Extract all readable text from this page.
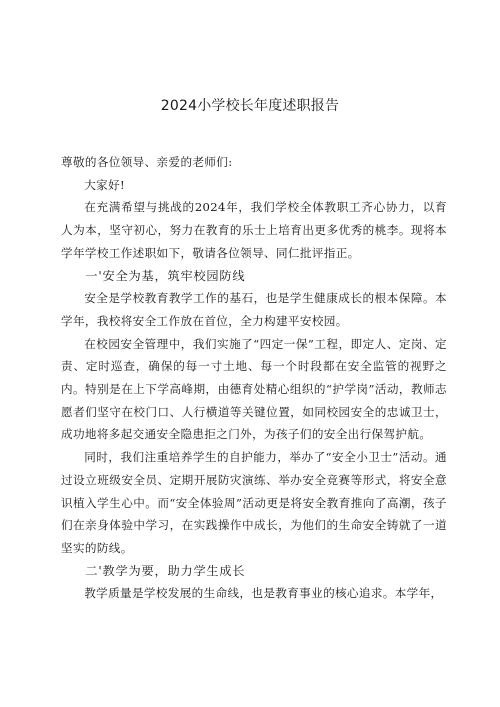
2024小学校长年度述职报告

尊敬的各位领导、亲爱的老师们:

大家好!

在充满希望与挑战的2024年，我们学校全体教职工齐心协力，以育人为本，坚守初心，努力在教育的乐士上培育出更多优秀的桃李。现将本学年学校工作述职如下，敬请各位领导、同仁批评指正。

一'安全为基，筑牢校园防线

安全是学校教育教学工作的基石，也是学生健康成长的根本保障。本学年，我校将安全工作放在首位，全力构建平安校园。

在校园安全管理中，我们实施了“四定一保”工程，即定人、定岗、定责、定时巡查，确保的每一寸土地、每一个时段都在安全监管的视野之内。特别是在上下学高峰期，由德育处精心组织的“护学岗”活动，教师志愿者们坚守在校门口、人行横道等关键位置，如同校园安全的忠诚卫士，成功地将多起交通安全隐患拒之门外，为孩子们的安全出行保驾护航。

同时，我们注重培养学生的自护能力，举办了“安全小卫士”活动。通过设立班级安全员、定期开展防灾演练、举办安全竞赛等形式，将安全意识植入学生心中。而“安全体验周”活动更是将安全教育推向了高潮，孩子们在亲身体验中学习，在实践操作中成长，为他们的生命安全铸就了一道坚实的防线。

二'教学为要，助力学生成长

教学质量是学校发展的生命线，也是教育事业的核心追求。本学年，
